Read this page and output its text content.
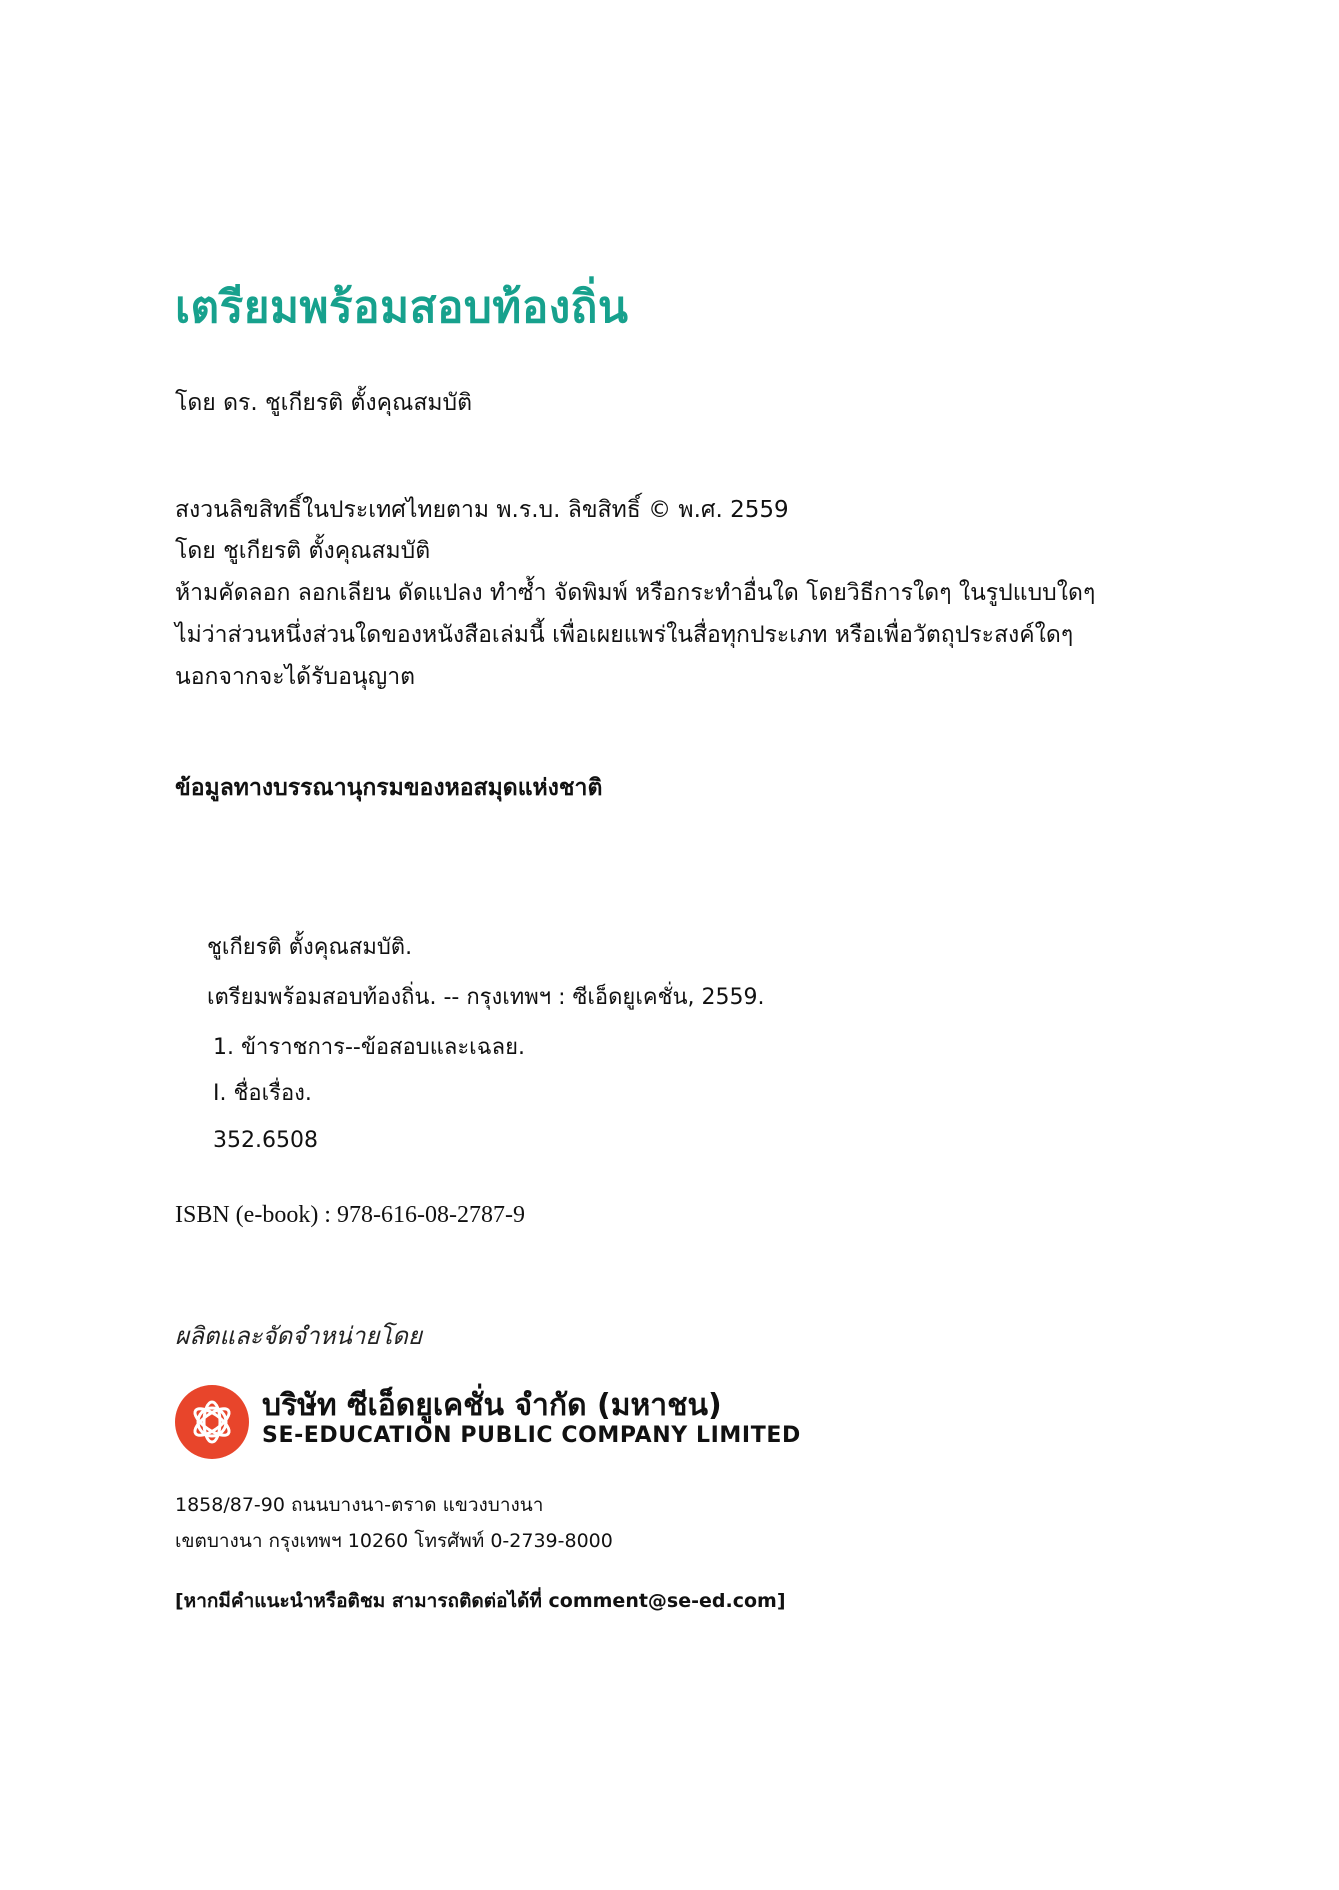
เตรียมพร้อมสอบท้องถิ่น
โดย ดร. ชูเกียรติ ตั้งคุณสมบัติ
สงวนลิขสิทธิ์ในประเทศไทยตาม พ.ร.บ. ลิขสิทธิ์ © พ.ศ. 2559
โดย ชูเกียรติ ตั้งคุณสมบัติ
ห้ามคัดลอก ลอกเลียน ดัดแปลง ทำซ้ำ จัดพิมพ์ หรือกระทำอื่นใด โดยวิธีการใดๆ ในรูปแบบใดๆ
ไม่ว่าส่วนหนึ่งส่วนใดของหนังสือเล่มนี้ เพื่อเผยแพร่ในสื่อทุกประเภท หรือเพื่อวัตถุประสงค์ใดๆ
นอกจากจะได้รับอนุญาต
ข้อมูลทางบรรณานุกรมของหอสมุดแห่งชาติ
ชูเกียรติ ตั้งคุณสมบัติ.
เตรียมพร้อมสอบท้องถิ่น. -- กรุงเทพฯ : ซีเอ็ดยูเคชั่น, 2559.
1. ข้าราชการ--ข้อสอบและเฉลย.
I. ชื่อเรื่อง.
352.6508
ISBN (e-book) : 978-616-08-2787-9
ผลิตและจัดจำหน่ายโดย
บริษัท ซีเอ็ดยูเคชั่น จำกัด (มหาชน)
SE-EDUCATION PUBLIC COMPANY LIMITED
1858/87-90 ถนนบางนา-ตราด แขวงบางนา
เขตบางนา กรุงเทพฯ 10260 โทรศัพท์ 0-2739-8000
[หากมีคำแนะนำหรือติชม สามารถติดต่อได้ที่ comment@se-ed.com]
